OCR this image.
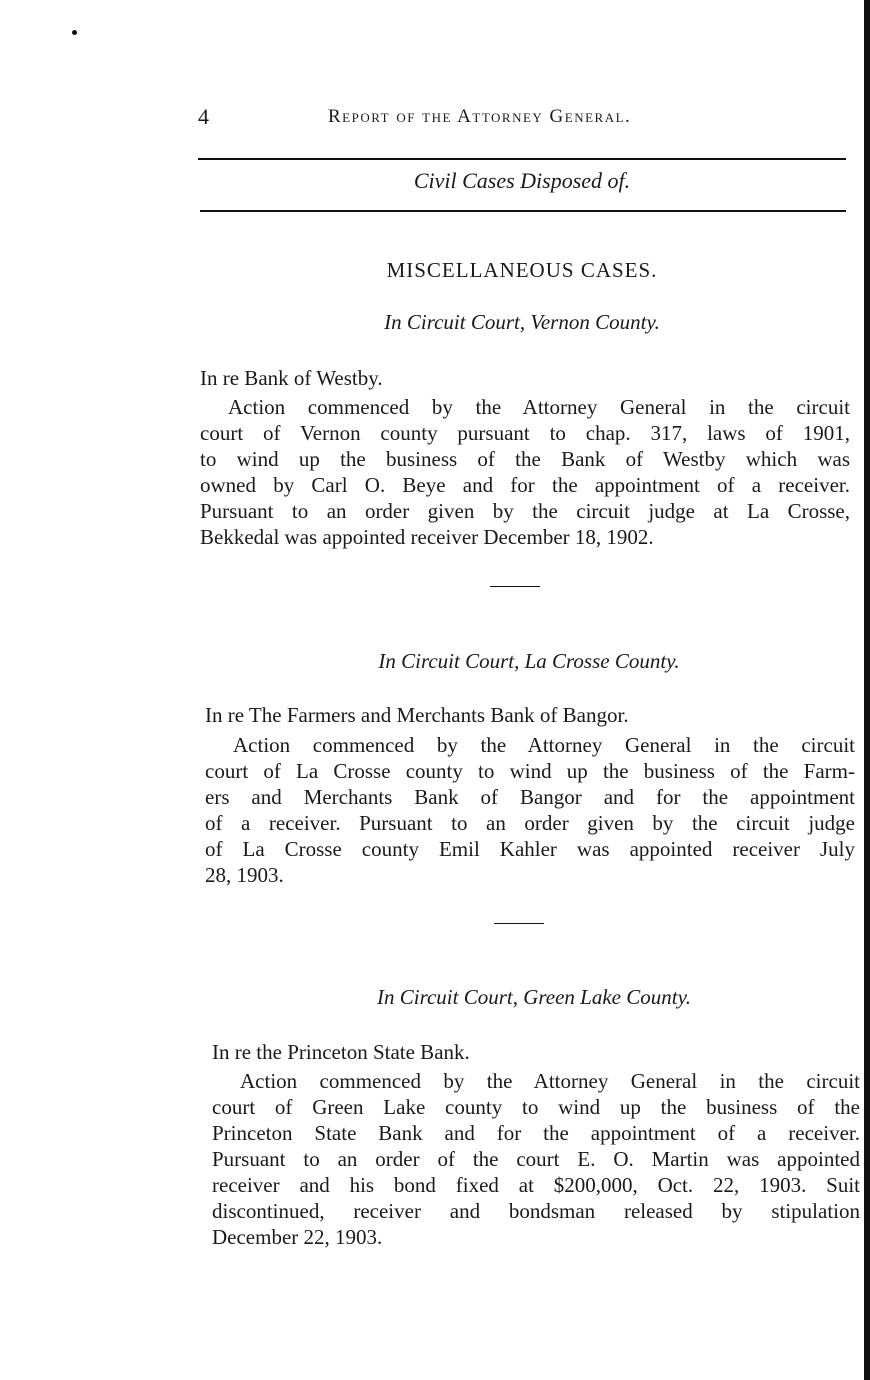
4	Report of the Attorney General.
Civil Cases Disposed of.
MISCELLANEOUS CASES.
In Circuit Court, Vernon County.
In re Bank of Westby.
Action commenced by the Attorney General in the circuit
court of Vernon county pursuant to chap. 317, laws of 1901,
to wind up the business of the Bank of Westby which was
owned by Carl O. Beye and for the appointment of a receiver.
Pursuant to an order given by the circuit judge at La Crosse,
Bekkedal was appointed receiver December 18, 1902.
In Circuit Court, La Crosse County.
In re The Farmers and Merchants Bank of Bangor.
Action commenced by the Attorney General in the circuit
court of La Crosse county to wind up the business of the Farm-
ers and Merchants Bank of Bangor and for the appointment
of a receiver. Pursuant to an order given by the circuit judge
of La Crosse county Emil Kahler was appointed receiver July
28, 1903.
In Circuit Court, Green Lake County.
In re the Princeton State Bank.
Action commenced by the Attorney General in the circuit
court of Green Lake county to wind up the business of the
Princeton State Bank and for the appointment of a receiver.
Pursuant to an order of the court E. O. Martin was appointed
receiver and his bond fixed at $200,000, Oct. 22, 1903. Suit
discontinued, receiver and bondsman released by stipulation
December 22, 1903.
